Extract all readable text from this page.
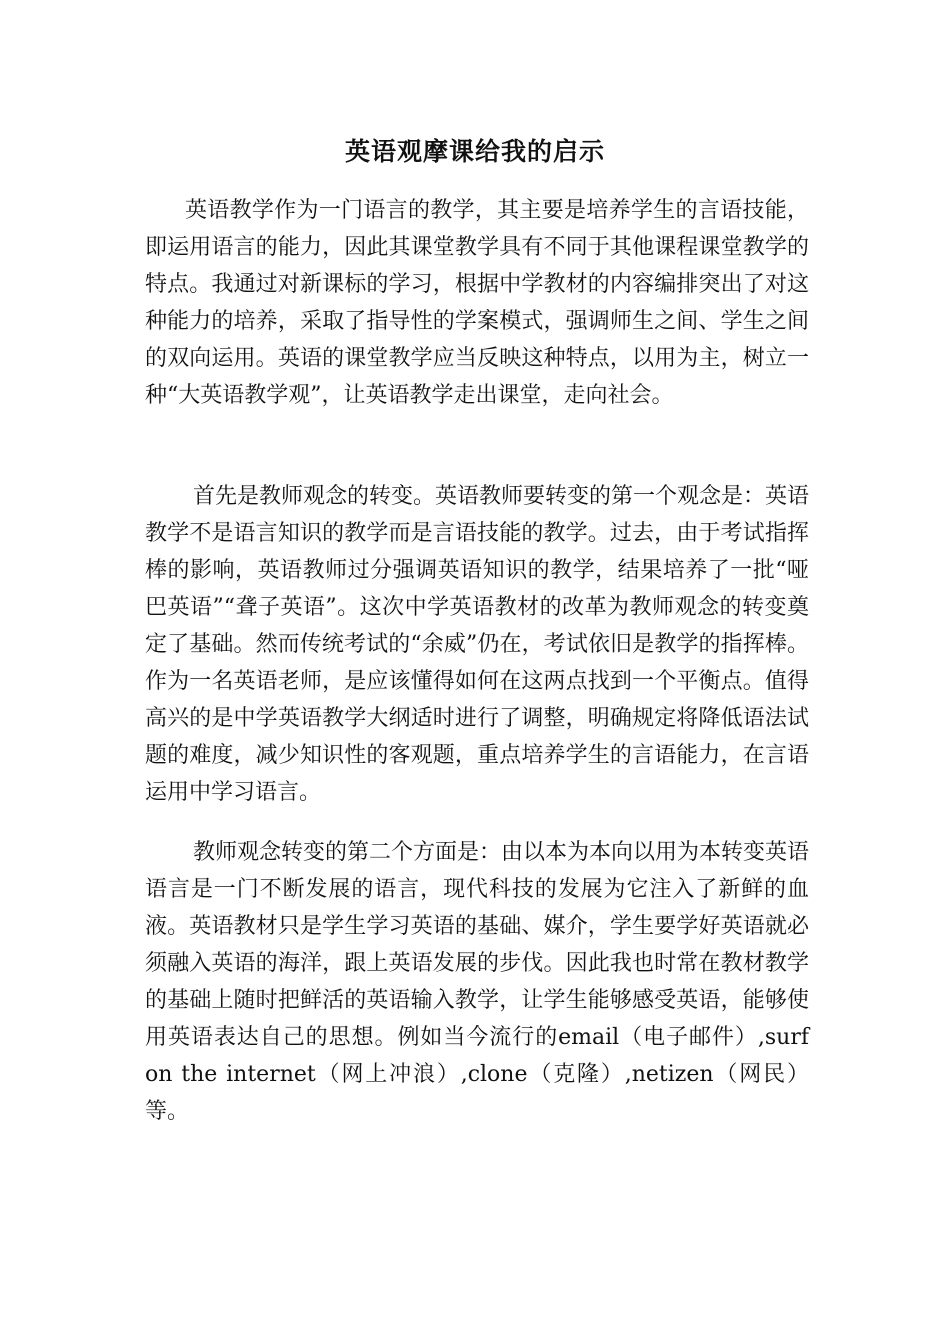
英语观摩课给我的启示

英语教学作为一门语言的教学，其主要是培养学生的言语技能，即运用语言的能力，因此其课堂教学具有不同于其他课程课堂教学的特点。我通过对新课标的学习，根据中学教材的内容编排突出了对这种能力的培养，采取了指导性的学案模式，强调师生之间、学生之间的双向运用。英语的课堂教学应当反映这种特点，以用为主，树立一种“大英语教学观”，让英语教学走出课堂，走向社会。

首先是教师观念的转变。英语教师要转变的第一个观念是：英语教学不是语言知识的教学而是言语技能的教学。过去，由于考试指挥棒的影响，英语教师过分强调英语知识的教学，结果培养了一批“哑巴英语”“聋子英语”。这次中学英语教材的改革为教师观念的转变奠定了基础。然而传统考试的“余威”仍在，考试依旧是教学的指挥棒。作为一名英语老师，是应该懂得如何在这两点找到一个平衡点。值得高兴的是中学英语教学大纲适时进行了调整，明确规定将降低语法试题的难度，减少知识性的客观题，重点培养学生的言语能力，在言语运用中学习语言。

教师观念转变的第二个方面是：由以本为本向以用为本转变英语语言是一门不断发展的语言，现代科技的发展为它注入了新鲜的血液。英语教材只是学生学习英语的基础、媒介，学生要学好英语就必须融入英语的海洋，跟上英语发展的步伐。因此我也时常在教材教学的基础上随时把鲜活的英语输入教学，让学生能够感受英语，能够使用英语表达自己的思想。例如当今流行的email（电子邮件）,surf on the internet（网上冲浪）,clone（克隆）,netizen（网民）等。
